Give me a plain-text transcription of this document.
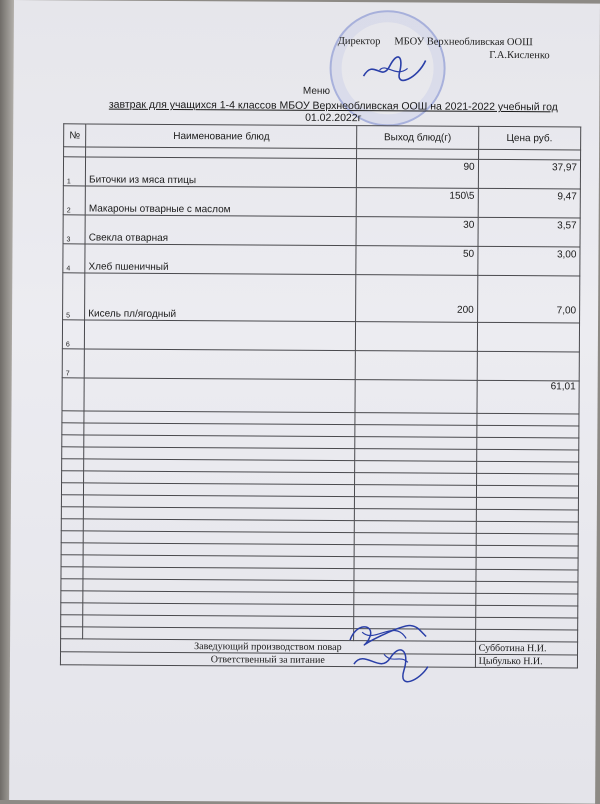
Директор МБОУ Верхнеобливская ООШ
Г.А.Кисленко
Меню
завтрак для учащихся 1-4 классов МБОУ Верхнеобливская ООШ на 2021-2022 учебный год
01.02.2022г
№	Наименование блюд	Выход блюд(г)	Цена руб.

1	Биточки из мяса птицы	90	37,97
2	Макароны отварные с маслом	150\5	9,47
3	Свекла отварная	30	3,57
4	Хлеб пшеничный	50	3,00
5	Кисель пл/ягодный	200	7,00
6			
7			
			61,01

Заведующий производством повар			Субботина Н.И.
Ответственный за питание			Цыбулько Н.И.
